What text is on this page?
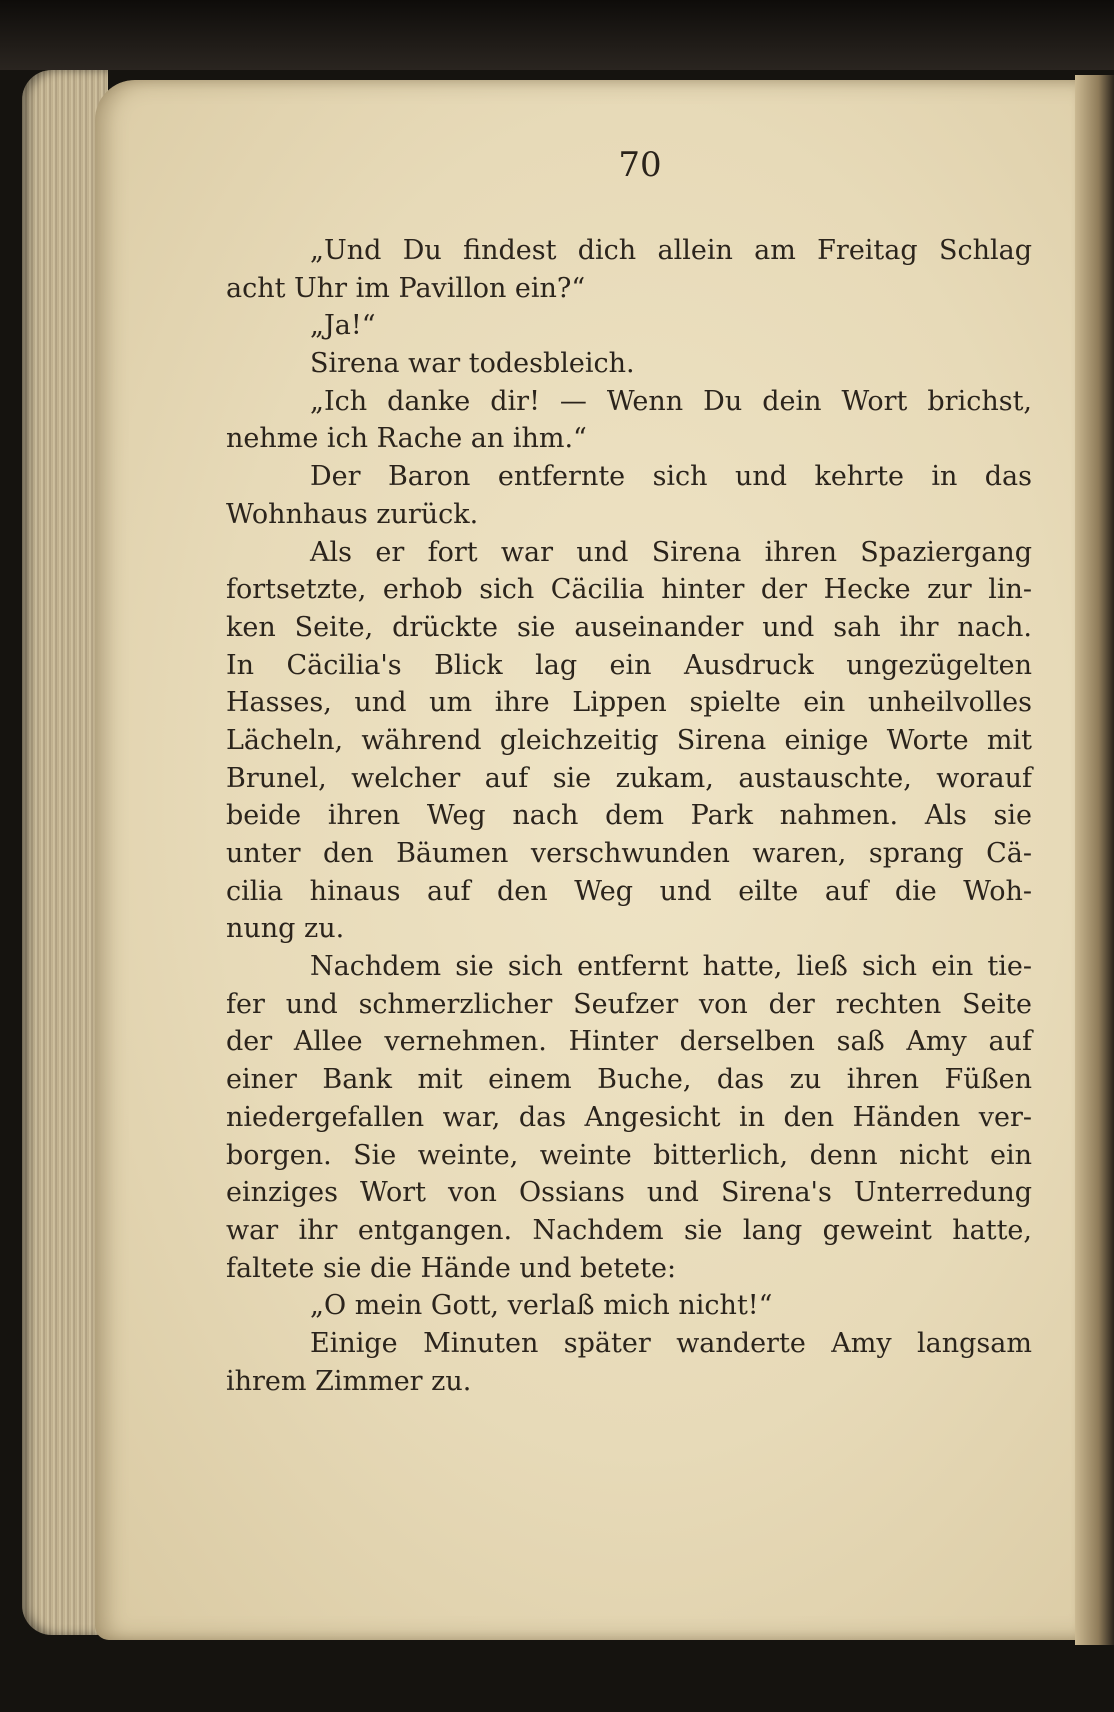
70
„Und Du findest dich allein am Freitag Schlag
acht Uhr im Pavillon ein?“
„Ja!“
Sirena war todesbleich.
„Ich danke dir! — Wenn Du dein Wort brichst,
nehme ich Rache an ihm.“
Der Baron entfernte sich und kehrte in das
Wohnhaus zurück.
Als er fort war und Sirena ihren Spaziergang
fortsetzte, erhob sich Cäcilia hinter der Hecke zur lin-
ken Seite, drückte sie auseinander und sah ihr nach.
In Cäcilia's Blick lag ein Ausdruck ungezügelten
Hasses, und um ihre Lippen spielte ein unheilvolles
Lächeln, während gleichzeitig Sirena einige Worte mit
Brunel, welcher auf sie zukam, austauschte, worauf
beide ihren Weg nach dem Park nahmen. Als sie
unter den Bäumen verschwunden waren, sprang Cä-
cilia hinaus auf den Weg und eilte auf die Woh-
nung zu.
Nachdem sie sich entfernt hatte, ließ sich ein tie-
fer und schmerzlicher Seufzer von der rechten Seite
der Allee vernehmen. Hinter derselben saß Amy auf
einer Bank mit einem Buche, das zu ihren Füßen
niedergefallen war, das Angesicht in den Händen ver-
borgen. Sie weinte, weinte bitterlich, denn nicht ein
einziges Wort von Ossians und Sirena's Unterredung
war ihr entgangen. Nachdem sie lang geweint hatte,
faltete sie die Hände und betete:
„O mein Gott, verlaß mich nicht!“
Einige Minuten später wanderte Amy langsam
ihrem Zimmer zu.
